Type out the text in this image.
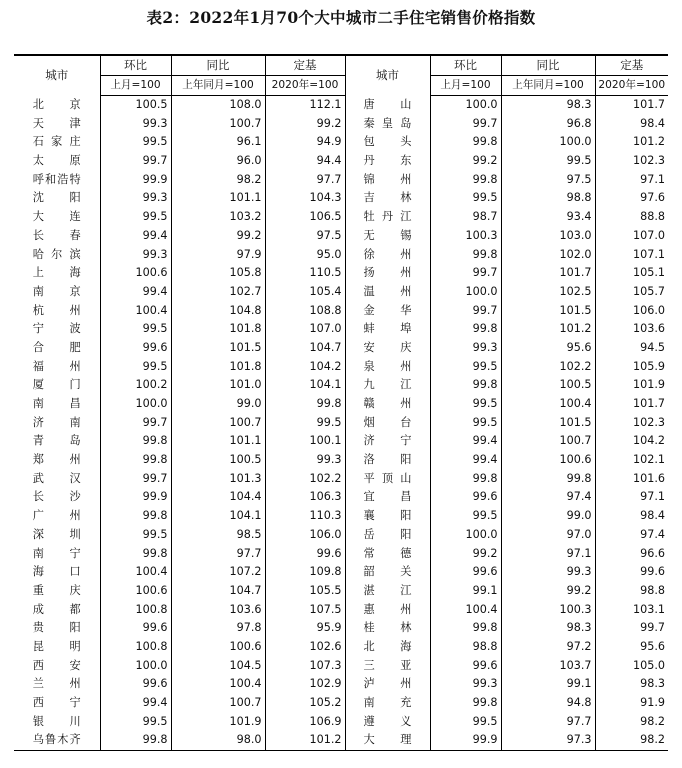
表2：2022年1月70个大中城市二手住宅销售价格指数
城市	环比	同比	定基	城市	环比	同比	定基
	上月=100	上年同月=100	2020年=100		上月=100	上年同月=100	2020年=100
北京	100.5	108.0	112.1	唐山	100.0	98.3	101.7
天津	99.3	100.7	99.2	秦皇岛	99.7	96.8	98.4
石家庄	99.5	96.1	94.9	包头	99.8	100.0	101.2
太原	99.7	96.0	94.4	丹东	99.2	99.5	102.3
呼和浩特	99.9	98.2	97.7	锦州	99.8	97.5	97.1
沈阳	99.3	101.1	104.3	吉林	99.5	98.8	97.6
大连	99.5	103.2	106.5	牡丹江	98.7	93.4	88.8
长春	99.4	99.2	97.5	无锡	100.3	103.0	107.0
哈尔滨	99.3	97.9	95.0	徐州	99.8	102.0	107.1
上海	100.6	105.8	110.5	扬州	99.7	101.7	105.1
南京	99.4	102.7	105.4	温州	100.0	102.5	105.7
杭州	100.4	104.8	108.8	金华	99.7	101.5	106.0
宁波	99.5	101.8	107.0	蚌埠	99.8	101.2	103.6
合肥	99.6	101.5	104.7	安庆	99.3	95.6	94.5
福州	99.5	101.8	104.2	泉州	99.5	102.2	105.9
厦门	100.2	101.0	104.1	九江	99.8	100.5	101.9
南昌	100.0	99.0	99.8	赣州	99.5	100.4	101.7
济南	99.7	100.7	99.5	烟台	99.5	101.5	102.3
青岛	99.8	101.1	100.1	济宁	99.4	100.7	104.2
郑州	99.8	100.5	99.3	洛阳	99.4	100.6	102.1
武汉	99.7	101.3	102.2	平顶山	99.8	99.8	101.6
长沙	99.9	104.4	106.3	宜昌	99.6	97.4	97.1
广州	99.8	104.1	110.3	襄阳	99.5	99.0	98.4
深圳	99.5	98.5	106.0	岳阳	100.0	97.0	97.4
南宁	99.8	97.7	99.6	常德	99.2	97.1	96.6
海口	100.4	107.2	109.8	韶关	99.6	99.3	99.6
重庆	100.6	104.7	105.5	湛江	99.1	99.2	98.8
成都	100.8	103.6	107.5	惠州	100.4	100.3	103.1
贵阳	99.6	97.8	95.9	桂林	99.8	98.3	99.7
昆明	100.8	100.6	102.6	北海	98.8	97.2	95.6
西安	100.0	104.5	107.3	三亚	99.6	103.7	105.0
兰州	99.6	100.4	102.9	泸州	99.3	99.1	98.3
西宁	99.4	100.7	105.2	南充	99.8	94.8	91.9
银川	99.5	101.9	106.9	遵义	99.5	97.7	98.2
乌鲁木齐	99.8	98.0	101.2	大理	99.9	97.3	98.2
